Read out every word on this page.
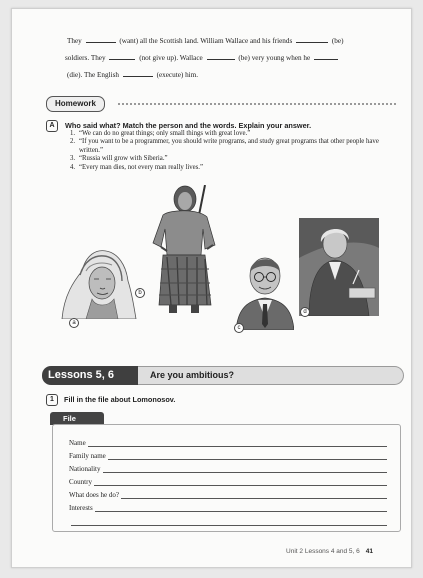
They	(want) all the Scottish land. William Wallace and his friends	(be)
soldiers. They	(not give up). Wallace	(be) very young when he
(die). The English	(execute) him.
Homework
A	Who said what? Match the person and the words. Explain your answer.
1. “We can do no great things; only small things with great love.”
2. “If you want to be a programmer, you should write programs, and study great programs that other people have written.”
3. “Russia will grow with Siberia.”
4. “Every man dies, not every man really lives.”
a
b
c
d
Are you ambitious?
Lessons 5, 6
1	Fill in the file about Lomonosov.
File
Name
Family name
Nationality
Country
What does he do?
Interests
Unit 2 Lessons 4 and 5, 6 41
